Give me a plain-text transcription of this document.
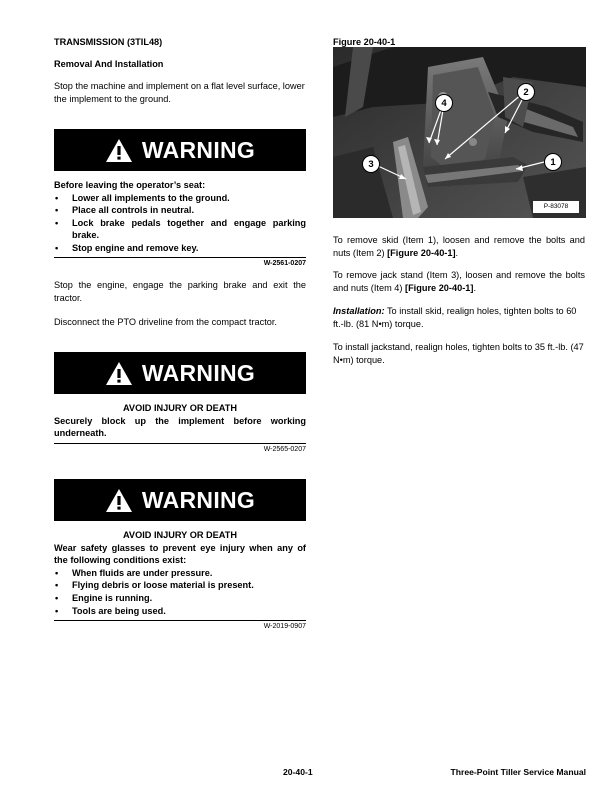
TRANSMISSION (3TIL48)
Removal And Installation
Stop the machine and implement on a flat level surface, lower the implement to the ground.
WARNING
Before leaving the operator’s seat:
• Lower all implements to the ground.
• Place all controls in neutral.
• Lock brake pedals together and engage parking brake.
• Stop engine and remove key.
W-2561-0207
Stop the engine, engage the parking brake and exit the tractor.
Disconnect the PTO driveline from the compact tractor.
WARNING
AVOID INJURY OR DEATH
Securely block up the implement before working underneath.
W-2565-0207
WARNING
AVOID INJURY OR DEATH
Wear safety glasses to prevent eye injury when any of the following conditions exist:
• When fluids are under pressure.
• Flying debris or loose material is present.
• Engine is running.
• Tools are being used.
W-2019-0907
Figure 20-40-1
4
2
3	1
P-83078
To remove skid (Item 1), loosen and remove the bolts and nuts (Item 2) [Figure 20-40-1].
To remove jack stand (Item 3), loosen and remove the bolts and nuts (Item 4) [Figure 20-40-1].
Installation: To install skid, realign holes, tighten bolts to 60 ft.-lb. (81 N•m) torque.
To install jackstand, realign holes, tighten bolts to 35 ft.-lb. (47 N•m) torque.
20-40-1	Three-Point Tiller Service Manual
